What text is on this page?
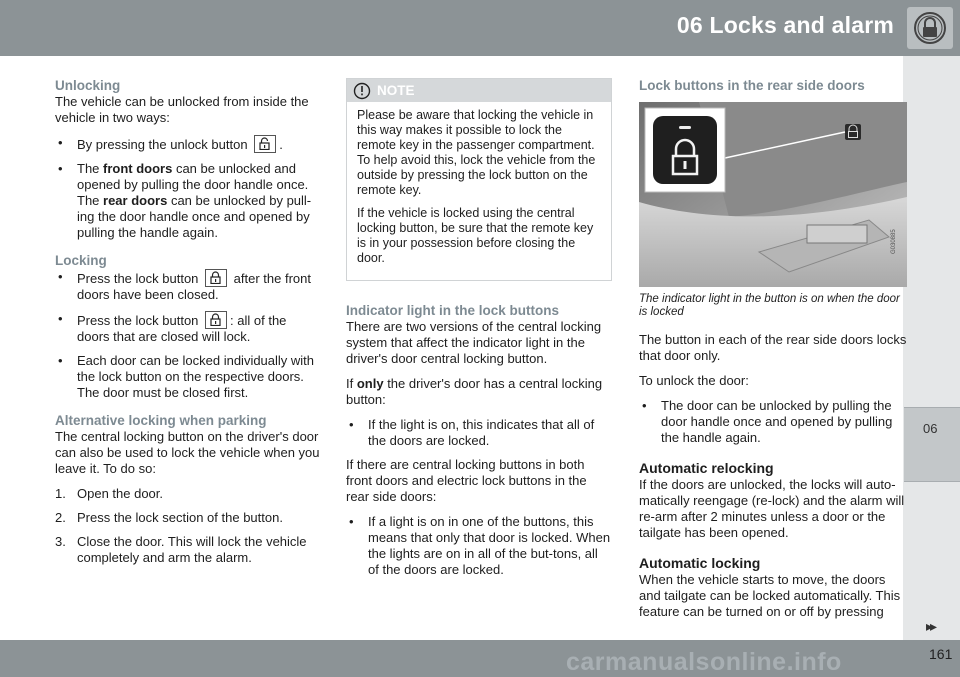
06 Locks and alarm
06
carmanualsonline.info
▸▸
161
Unlocking

The vehicle can be unlocked from inside the vehicle in two ways:

• By pressing the unlock button .
• The front doors can be unlocked and opened by pulling the door handle once. The rear doors can be unlocked by pull-ing the door handle once and opened by pulling the handle again.
Locking
• Press the lock button
after the front doors have been closed.
• Press the lock button : all of the doors that are closed will lock.
• Each door can be locked individually with the lock button on the respective doors. The door must be closed first.
Alternative locking when parking

The central locking button on the driver's door can also be used to lock the vehicle when you leave it. To do so:

1. Open the door.
2. Press the lock section of the button.
3. Close the door. This will lock the vehicle completely and arm the alarm.
NOTE

Please be aware that locking the vehicle in this way makes it possible to lock the remote key in the passenger compartment. To help avoid this, lock the vehicle from the outside by pressing the lock button on the remote key.

If the vehicle is locked using the central locking button, be sure that the remote key is in your possession before closing the door.

Indicator light in the lock buttons

There are two versions of the central locking system that affect the indicator light in the driver's door central locking button.

If only the driver's door has a central locking button:

• If the light is on, this indicates that all of the doors are locked.

If there are central locking buttons in both front doors and electric lock buttons in the rear side doors:

• If a light is on in one of the buttons, this means that only that door is locked. When the lights are on in all of the but-tons, all of the doors are locked.
Lock buttons in the rear side doors
G030885
The indicator light in the button is on when the door is locked

The button in each of the rear side doors locks that door only.

To unlock the door:

• The door can be unlocked by pulling the door handle once and opened by pulling the handle again.
Automatic relocking

If the doors are unlocked, the locks will auto-matically reengage (re-lock) and the alarm will re-arm after 2 minutes unless a door or the tailgate has been opened.

Automatic locking

When the vehicle starts to move, the doors and tailgate can be locked automatically. This feature can be turned on or off by pressing
